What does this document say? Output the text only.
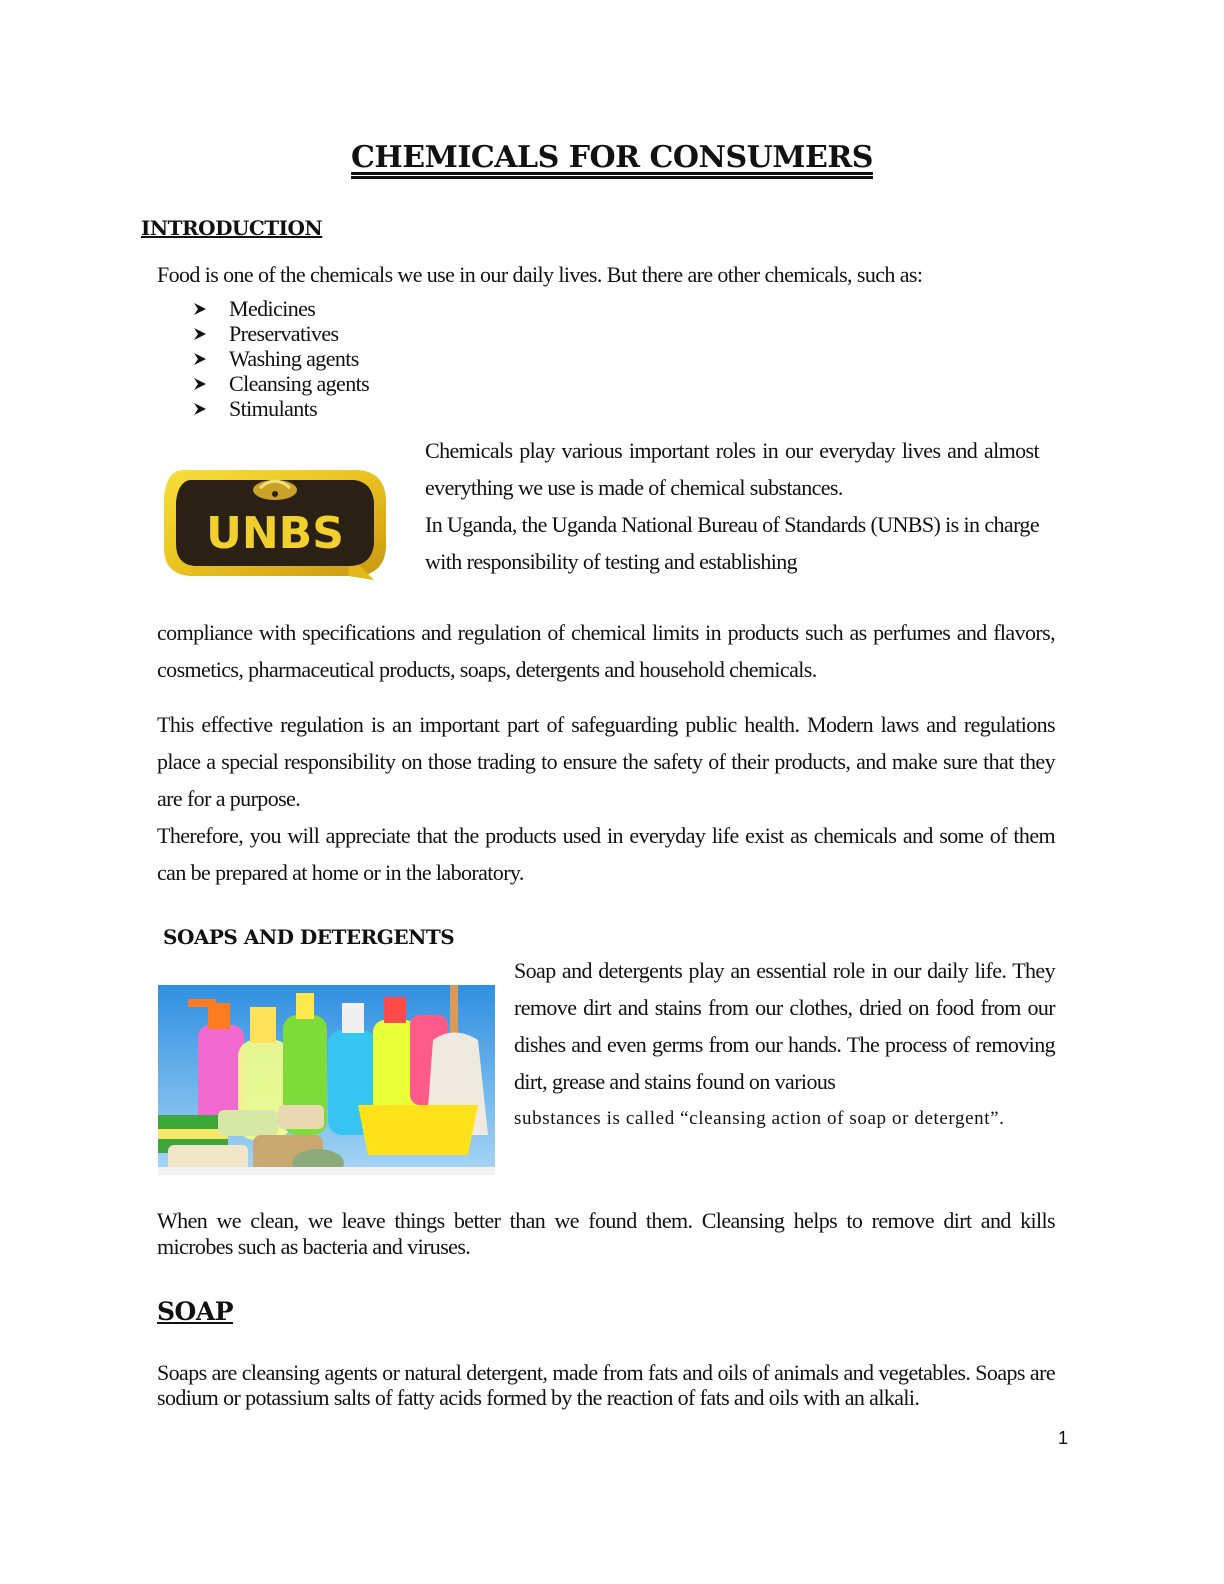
CHEMICALS FOR CONSUMERS
INTRODUCTION
Food is one of the chemicals we use in our daily lives. But there are other chemicals, such as:
Medicines
Preservatives
Washing agents
Cleansing agents
Stimulants
UNBS
Chemicals play various important roles in our everyday lives and almost everything we use is made of chemical substances.
In Uganda, the Uganda National Bureau of Standards (UNBS) is in charge with responsibility of testing and establishing
compliance with specifications and regulation of chemical limits in products such as perfumes and flavors, cosmetics, pharmaceutical products, soaps, detergents and household chemicals.
This effective regulation is an important part of safeguarding public health. Modern laws and regulations place a special responsibility on those trading to ensure the safety of their products, and make sure that they are for a purpose.
Therefore, you will appreciate that the products used in everyday life exist as chemicals and some of them can be prepared at home or in the laboratory.
SOAPS AND DETERGENTS
Soap and detergents play an essential role in our daily life. They remove dirt and stains from our clothes, dried on food from our dishes and even germs from our hands. The process of removing dirt, grease and stains found on various
substances is called “cleansing action of soap or detergent”.
When we clean, we leave things better than we found them. Cleansing helps to remove dirt and kills microbes such as bacteria and viruses.
SOAP
Soaps are cleansing agents or natural detergent, made from fats and oils of animals and vegetables. Soaps are sodium or potassium salts of fatty acids formed by the reaction of fats and oils with an alkali.
1
